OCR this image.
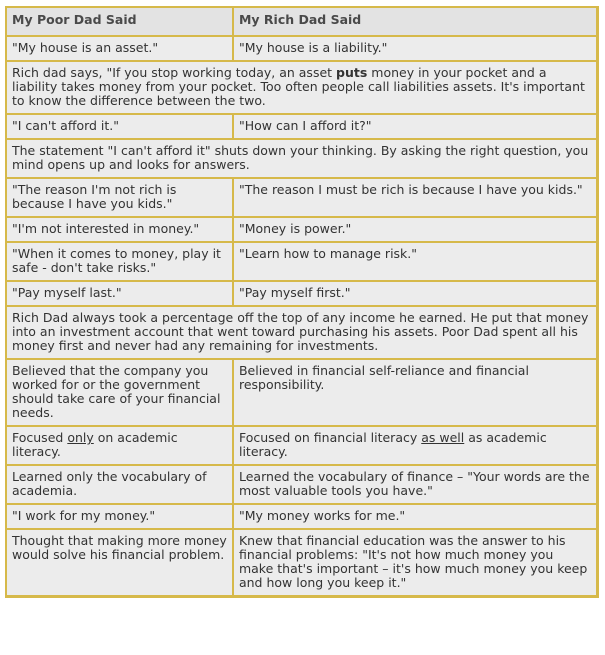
My Poor Dad Said	My Rich Dad Said
"My house is an asset."	"My house is a liability."
Rich dad says, "If you stop working today, an asset puts money in your pocket and a liability takes money from your pocket. Too often people call liabilities assets. It's important to know the difference between the two.	
"I can't afford it."	"How can I afford it?"
The statement "I can't afford it" shuts down your thinking. By asking the right question, you mind opens up and looks for answers.	
"The reason I'm not rich is because I have you kids."	"The reason I must be rich is because I have you kids."
"I'm not interested in money."	"Money is power."
"When it comes to money, play it safe - don't take risks."	"Learn how to manage risk."
"Pay myself last."	"Pay myself first."
Rich Dad always took a percentage off the top of any income he earned. He put that money into an investment account that went toward purchasing his assets. Poor Dad spent all his money first and never had any remaining for investments.	
Believed that the company you worked for or the government should take care of your financial needs.	Believed in financial self-reliance and financial responsibility.
Focused only on academic literacy.	Focused on financial literacy as well as academic literacy.
Learned only the vocabulary of academia.	Learned the vocabulary of finance – "Your words are the most valuable tools you have."
"I work for my money."	"My money works for me."
Thought that making more money would solve his financial problem.	Knew that financial education was the answer to his financial problems: "It's not how much money you make that's important – it's how much money you keep and how long you keep it."
